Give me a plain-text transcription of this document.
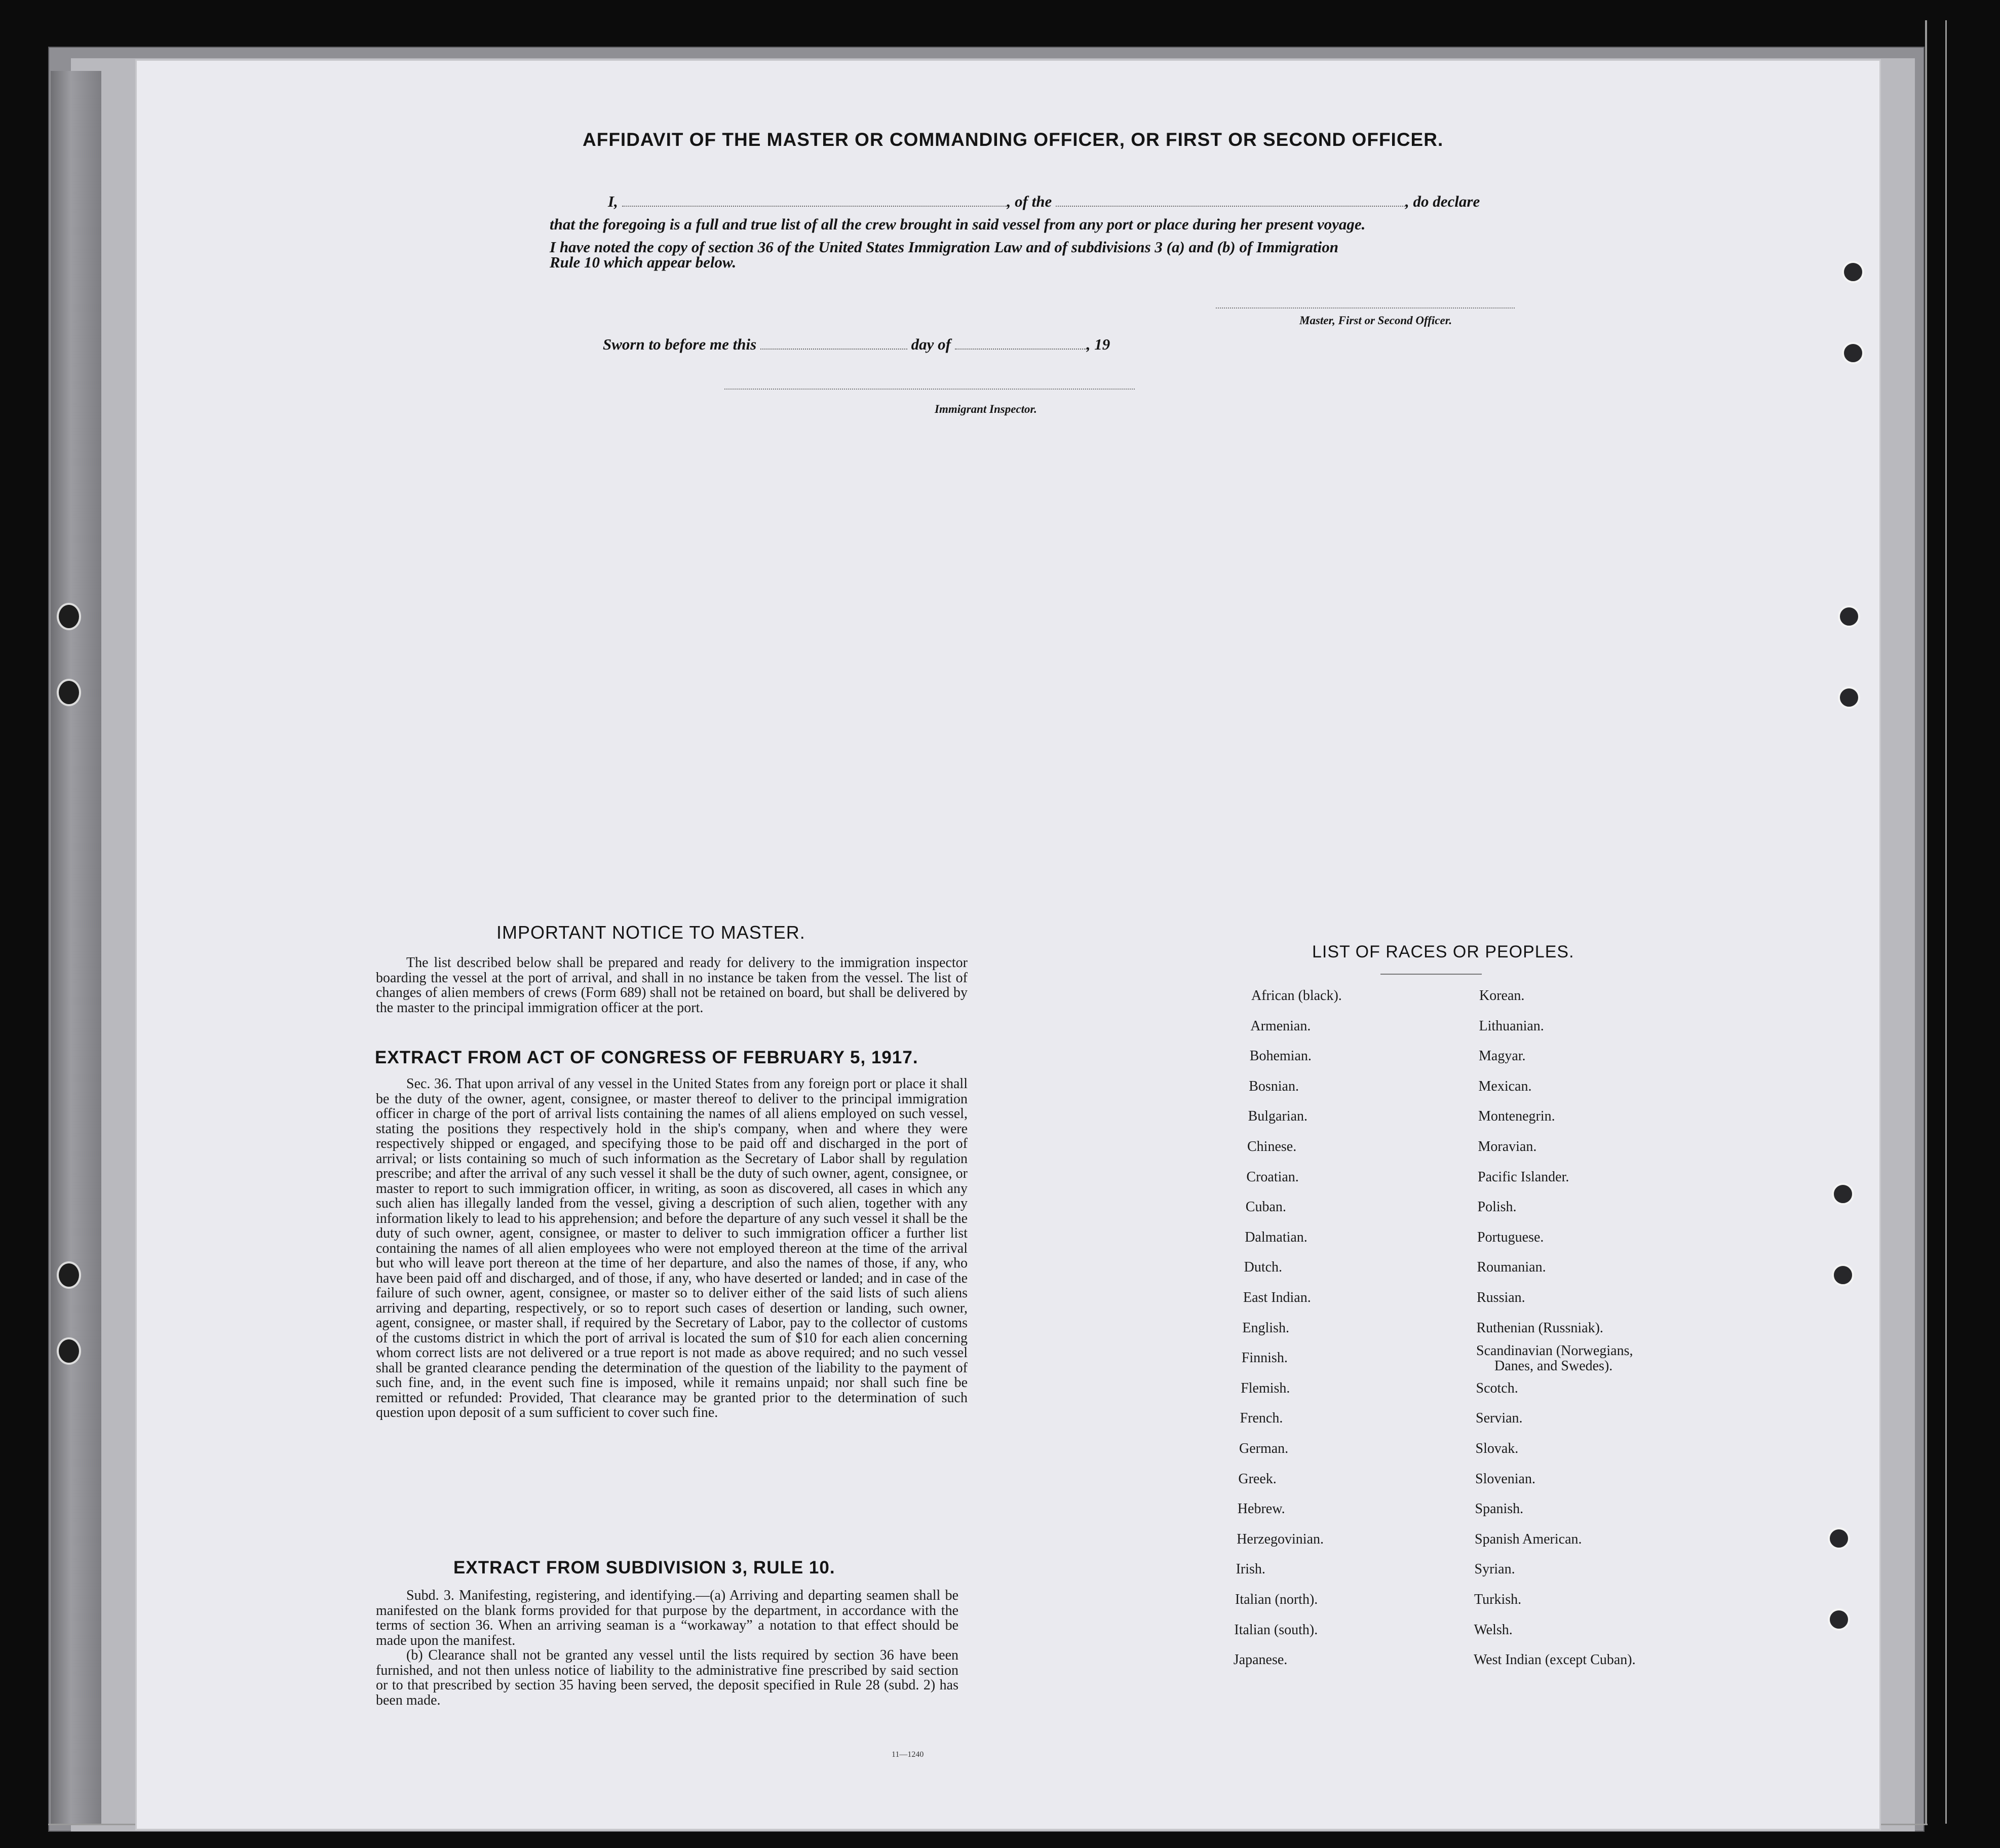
AFFIDAVIT OF THE MASTER OR COMMANDING OFFICER, OR FIRST OR SECOND OFFICER.
I,	, of the	, do declare
that the foregoing is a full and true list of all the crew brought in said vessel from any port or place during her present voyage.
I have noted the copy of section 36 of the United States Immigration Law and of subdivisions 3 (a) and (b) of Immigration
Rule 10 which appear below.
Master, First or Second Officer.
Sworn to before me this	day of	, 19
Immigrant Inspector.
IMPORTANT NOTICE TO MASTER.
The list described below shall be prepared and ready for delivery to the immigration inspector boarding the vessel at the port of arrival, and shall in no instance be taken from the vessel. The list of changes of alien members of crews (Form 689) shall not be retained on board, but shall be delivered by the master to the principal immigration officer at the port.
EXTRACT FROM ACT OF CONGRESS OF FEBRUARY 5, 1917.
Sec. 36. That upon arrival of any vessel in the United States from any foreign port or place it shall be the duty of the owner, agent, consignee, or master thereof to deliver to the principal immigration officer in charge of the port of arrival lists containing the names of all aliens employed on such vessel, stating the positions they respectively hold in the ship's company, when and where they were respectively shipped or engaged, and specifying those to be paid off and discharged in the port of arrival; or lists containing so much of such information as the Secretary of Labor shall by regulation prescribe; and after the arrival of any such vessel it shall be the duty of such owner, agent, consignee, or master to report to such immigration officer, in writing, as soon as discovered, all cases in which any such alien has illegally landed from the vessel, giving a description of such alien, together with any information likely to lead to his apprehension; and before the departure of any such vessel it shall be the duty of such owner, agent, consignee, or master to deliver to such immigration officer a further list containing the names of all alien employees who were not employed thereon at the time of the arrival but who will leave port thereon at the time of her departure, and also the names of those, if any, who have been paid off and discharged, and of those, if any, who have deserted or landed; and in case of the failure of such owner, agent, consignee, or master so to deliver either of the said lists of such aliens arriving and departing, respectively, or so to report such cases of desertion or landing, such owner, agent, consignee, or master shall, if required by the Secretary of Labor, pay to the collector of customs of the customs district in which the port of arrival is located the sum of $10 for each alien concerning whom correct lists are not delivered or a true report is not made as above required; and no such vessel shall be granted clearance pending the determination of the question of the liability to the payment of such fine, and, in the event such fine is imposed, while it remains unpaid; nor shall such fine be remitted or refunded: Provided, That clearance may be granted prior to the determination of such question upon deposit of a sum sufficient to cover such fine.
EXTRACT FROM SUBDIVISION 3, RULE 10.
Subd. 3. Manifesting, registering, and identifying.—(a) Arriving and departing seamen shall be manifested on the blank forms provided for that purpose by the department, in accordance with the terms of section 36. When an arriving seaman is a “workaway” a notation to that effect should be made upon the manifest.
(b) Clearance shall not be granted any vessel until the lists required by section 36 have been furnished, and not then unless notice of liability to the administrative fine prescribed by said section or to that prescribed by section 35 having been served, the deposit specified in Rule 28 (subd. 2) has been made.
11—1240
LIST OF RACES OR PEOPLES.
African (black).
Armenian.
Bohemian.
Bosnian.
Bulgarian.
Chinese.
Croatian.
Cuban.
Dalmatian.
Dutch.
East Indian.
English.
Finnish.
Flemish.
French.
German.
Greek.
Hebrew.
Herzegovinian.
Irish.
Italian (north).
Italian (south).
Japanese.
Korean.
Lithuanian.
Magyar.
Mexican.
Montenegrin.
Moravian.
Pacific Islander.
Polish.
Portuguese.
Roumanian.
Russian.
Ruthenian (Russniak).
Scandinavian (Norwegians,
Scotch.
Servian.
Slovak.
Slovenian.
Spanish.
Spanish American.
Syrian.
Turkish.
Welsh.
West Indian (except Cuban).
Danes, and Swedes).
